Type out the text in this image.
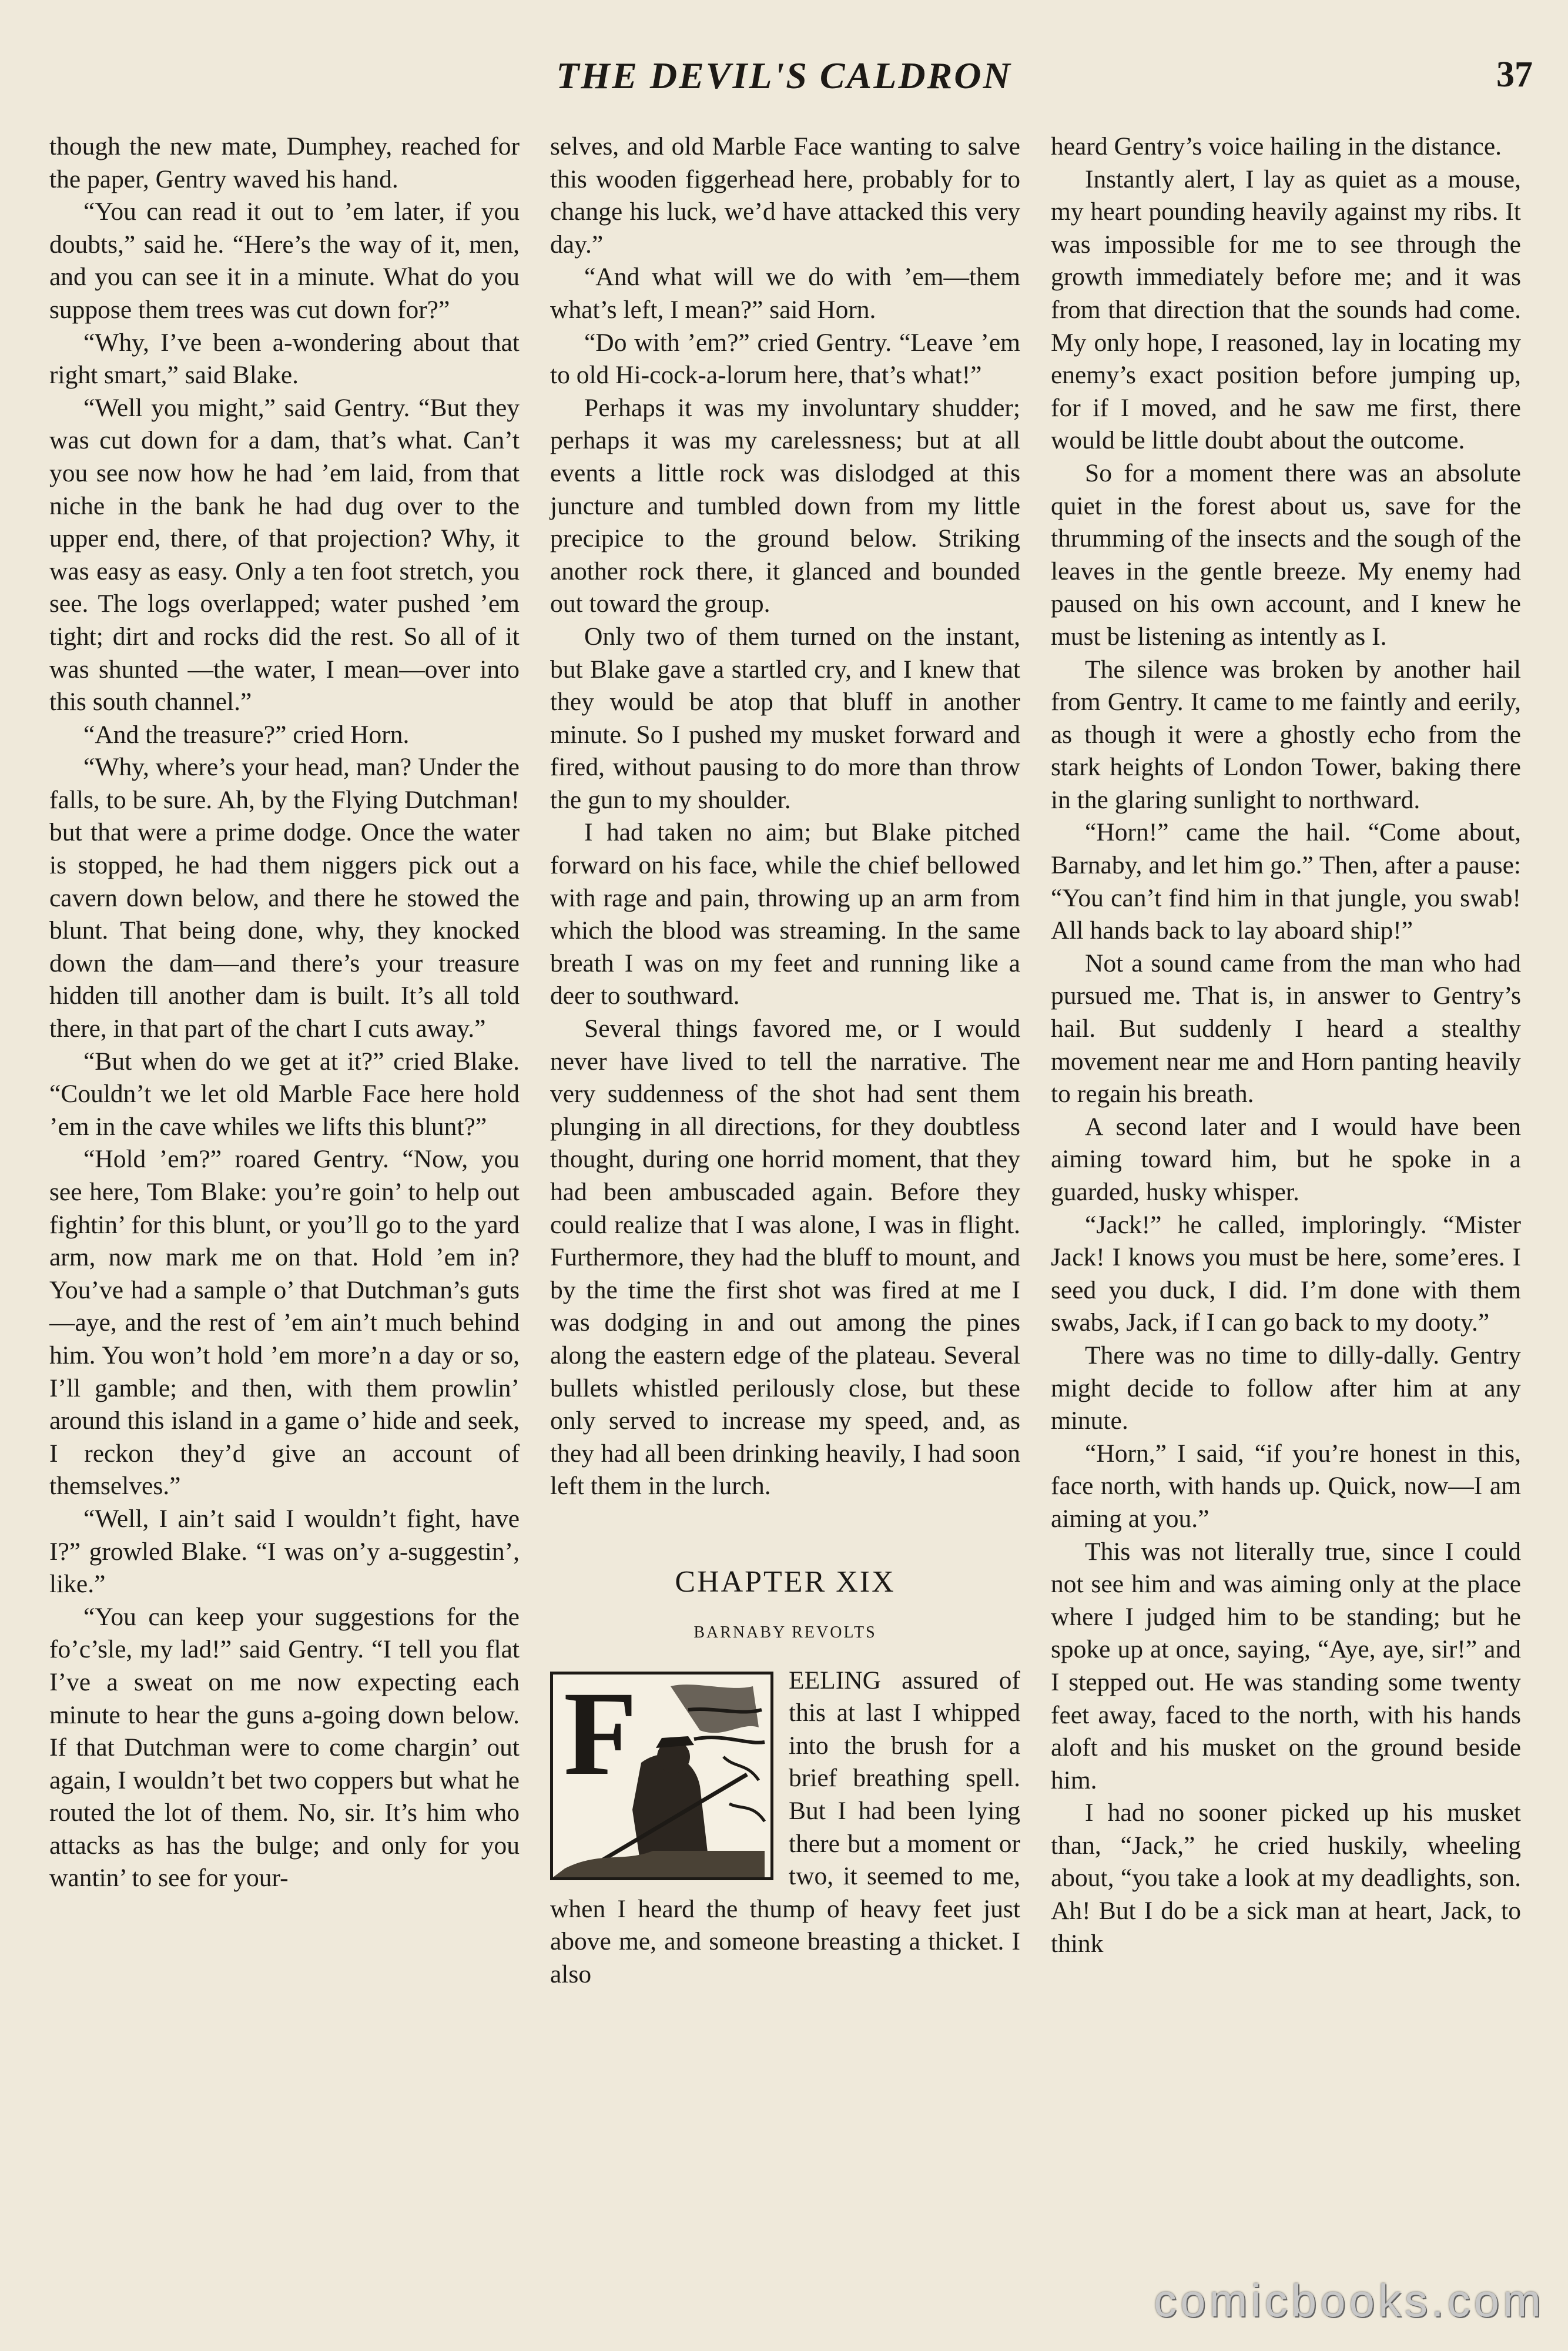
THE DEVIL'S CALDRON	37

though the new mate, Dumphey, reached for the paper, Gentry waved his hand.

“You can read it out to ’em later, if you doubts,” said he. “Here’s the way of it, men, and you can see it in a minute. What do you suppose them trees was cut down for?”

“Why, I’ve been a-wondering about that right smart,” said Blake.

“Well you might,” said Gentry. “But they was cut down for a dam, that’s what. Can’t you see now how he had ’em laid, from that niche in the bank he had dug over to the upper end, there, of that projection? Why, it was easy as easy. Only a ten foot stretch, you see. The logs overlapped; water pushed ’em tight; dirt and rocks did the rest. So all of it was shunted —the water, I mean—over into this south channel.”

“And the treasure?” cried Horn.

“Why, where’s your head, man? Under the falls, to be sure. Ah, by the Flying Dutchman! but that were a prime dodge. Once the water is stopped, he had them niggers pick out a cavern down below, and there he stowed the blunt. That being done, why, they knocked down the dam—and there’s your treasure hidden till another dam is built. It’s all told there, in that part of the chart I cuts away.”

“But when do we get at it?” cried Blake. “Couldn’t we let old Marble Face here hold ’em in the cave whiles we lifts this blunt?”

“Hold ’em?” roared Gentry. “Now, you see here, Tom Blake: you’re goin’ to help out fightin’ for this blunt, or you’ll go to the yard arm, now mark me on that. Hold ’em in? You’ve had a sample o’ that Dutchman’s guts —aye, and the rest of ’em ain’t much behind him. You won’t hold ’em more’n a day or so, I’ll gamble; and then, with them prowlin’ around this island in a game o’ hide and seek, I reckon they’d give an account of themselves.”

“Well, I ain’t said I wouldn’t fight, have I?” growled Blake. “I was on’y a-suggestin’, like.”

“You can keep your suggestions for the fo’c’sle, my lad!” said Gentry. “I tell you flat I’ve a sweat on me now expecting each minute to hear the guns a-going down below. If that Dutchman were to come chargin’ out again, I wouldn’t bet two coppers but what he routed the lot of them. No, sir. It’s him who attacks as has the bulge; and only for you wantin’ to see for your-

selves, and old Marble Face wanting to salve this wooden figgerhead here, probably for to change his luck, we’d have attacked this very day.”

“And what will we do with ’em—them what’s left, I mean?” said Horn.

“Do with ’em?” cried Gentry. “Leave ’em to old Hi-cock-a-lorum here, that’s what!”

Perhaps it was my involuntary shudder; perhaps it was my carelessness; but at all events a little rock was dislodged at this juncture and tumbled down from my little precipice to the ground below. Striking another rock there, it glanced and bounded out toward the group.

Only two of them turned on the instant, but Blake gave a startled cry, and I knew that they would be atop that bluff in another minute. So I pushed my musket forward and fired, without pausing to do more than throw the gun to my shoulder.

I had taken no aim; but Blake pitched forward on his face, while the chief bellowed with rage and pain, throwing up an arm from which the blood was streaming. In the same breath I was on my feet and running like a deer to southward.

Several things favored me, or I would never have lived to tell the narrative. The very suddenness of the shot had sent them plunging in all directions, for they doubtless thought, during one horrid moment, that they had been ambuscaded again. Before they could realize that I was alone, I was in flight. Furthermore, they had the bluff to mount, and by the time the first shot was fired at me I was dodging in and out among the pines along the eastern edge of the plateau. Several bullets whistled perilously close, but these only served to increase my speed, and, as they had all been drinking heavily, I had soon left them in the lurch.

CHAPTER XIX
BARNABY REVOLTS

F	EELING assured of this at last I whipped into the brush for a brief breathing spell. But I had been lying there but a moment or two, it seemed to me, when I heard the thump of heavy feet just above me, and someone breasting a thicket. I also

heard Gentry’s voice hailing in the distance.

Instantly alert, I lay as quiet as a mouse, my heart pounding heavily against my ribs. It was impossible for me to see through the growth immediately before me; and it was from that direction that the sounds had come. My only hope, I reasoned, lay in locating my enemy’s exact position before jumping up, for if I moved, and he saw me first, there would be little doubt about the outcome.

So for a moment there was an absolute quiet in the forest about us, save for the thrumming of the insects and the sough of the leaves in the gentle breeze. My enemy had paused on his own account, and I knew he must be listening as intently as I.

The silence was broken by another hail from Gentry. It came to me faintly and eerily, as though it were a ghostly echo from the stark heights of London Tower, baking there in the glaring sunlight to northward.

“Horn!” came the hail. “Come about, Barnaby, and let him go.” Then, after a pause: “You can’t find him in that jungle, you swab! All hands back to lay aboard ship!”

Not a sound came from the man who had pursued me. That is, in answer to Gentry’s hail. But suddenly I heard a stealthy movement near me and Horn panting heavily to regain his breath.

A second later and I would have been aiming toward him, but he spoke in a guarded, husky whisper.

“Jack!” he called, imploringly. “Mister Jack! I knows you must be here, some’eres. I seed you duck, I did. I’m done with them swabs, Jack, if I can go back to my dooty.”

There was no time to dilly-dally. Gentry might decide to follow after him at any minute.

“Horn,” I said, “if you’re honest in this, face north, with hands up. Quick, now—I am aiming at you.”

This was not literally true, since I could not see him and was aiming only at the place where I judged him to be standing; but he spoke up at once, saying, “Aye, aye, sir!” and I stepped out. He was standing some twenty feet away, faced to the north, with his hands aloft and his musket on the ground beside him.

I had no sooner picked up his musket than, “Jack,” he cried huskily, wheeling about, “you take a look at my deadlights, son. Ah! But I do be a sick man at heart, Jack, to think

comicbooks.com
